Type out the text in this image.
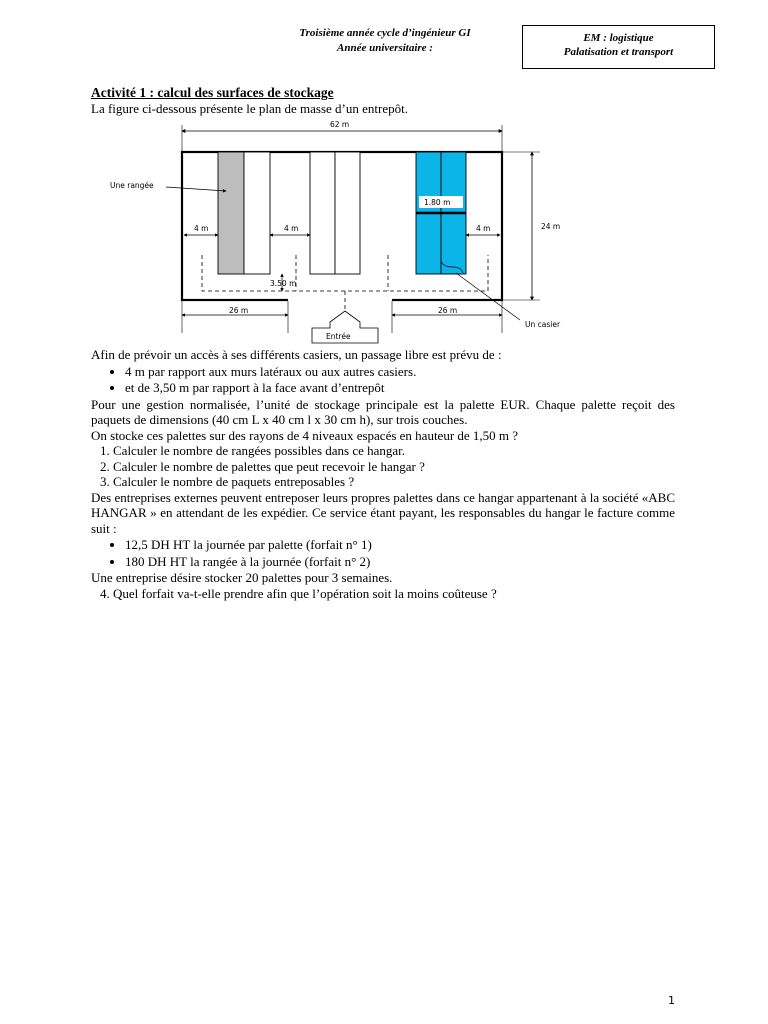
Troisième année cycle d’ingénieur GI
Année universitaire :
EM : logistique
Palatisation et transport

Activité 1 : calcul des surfaces de stockage

La figure ci-dessous présente le plan de masse d’un entrepôt.

62 m
24 m
1.80 m
Une rangée
4 m	4 m	4 m
3.50 m
26 m	26 m
Entrée
Un casier

Afin de prévoir un accès à ses différents casiers, un passage libre est prévu de :

• 4 m par rapport aux murs latéraux ou aux autres casiers.
• et de 3,50 m par rapport à la face avant d’entrepôt

Pour une gestion normalisée, l’unité de stockage principale est la palette EUR. Chaque palette reçoit des paquets de dimensions (40 cm L x 40 cm l x 30 cm h), sur trois couches.

On stocke ces palettes sur des rayons de 4 niveaux espacés en hauteur de 1,50 m ?

1. Calculer le nombre de rangées possibles dans ce hangar.
2. Calculer le nombre de palettes que peut recevoir le hangar ?
3. Calculer le nombre de paquets entreposables ?

Des entreprises externes peuvent entreposer leurs propres palettes dans ce hangar appartenant à la société «ABC HANGAR » en attendant de les expédier. Ce service étant payant, les responsables du hangar le facture comme suit :

• 12,5 DH HT la journée par palette (forfait n° 1)
• 180 DH HT la rangée à la journée (forfait n° 2)

Une entreprise désire stocker 20 palettes pour 3 semaines.

4. Quel forfait va-t-elle prendre afin que l’opération soit la moins coûteuse ?
1
